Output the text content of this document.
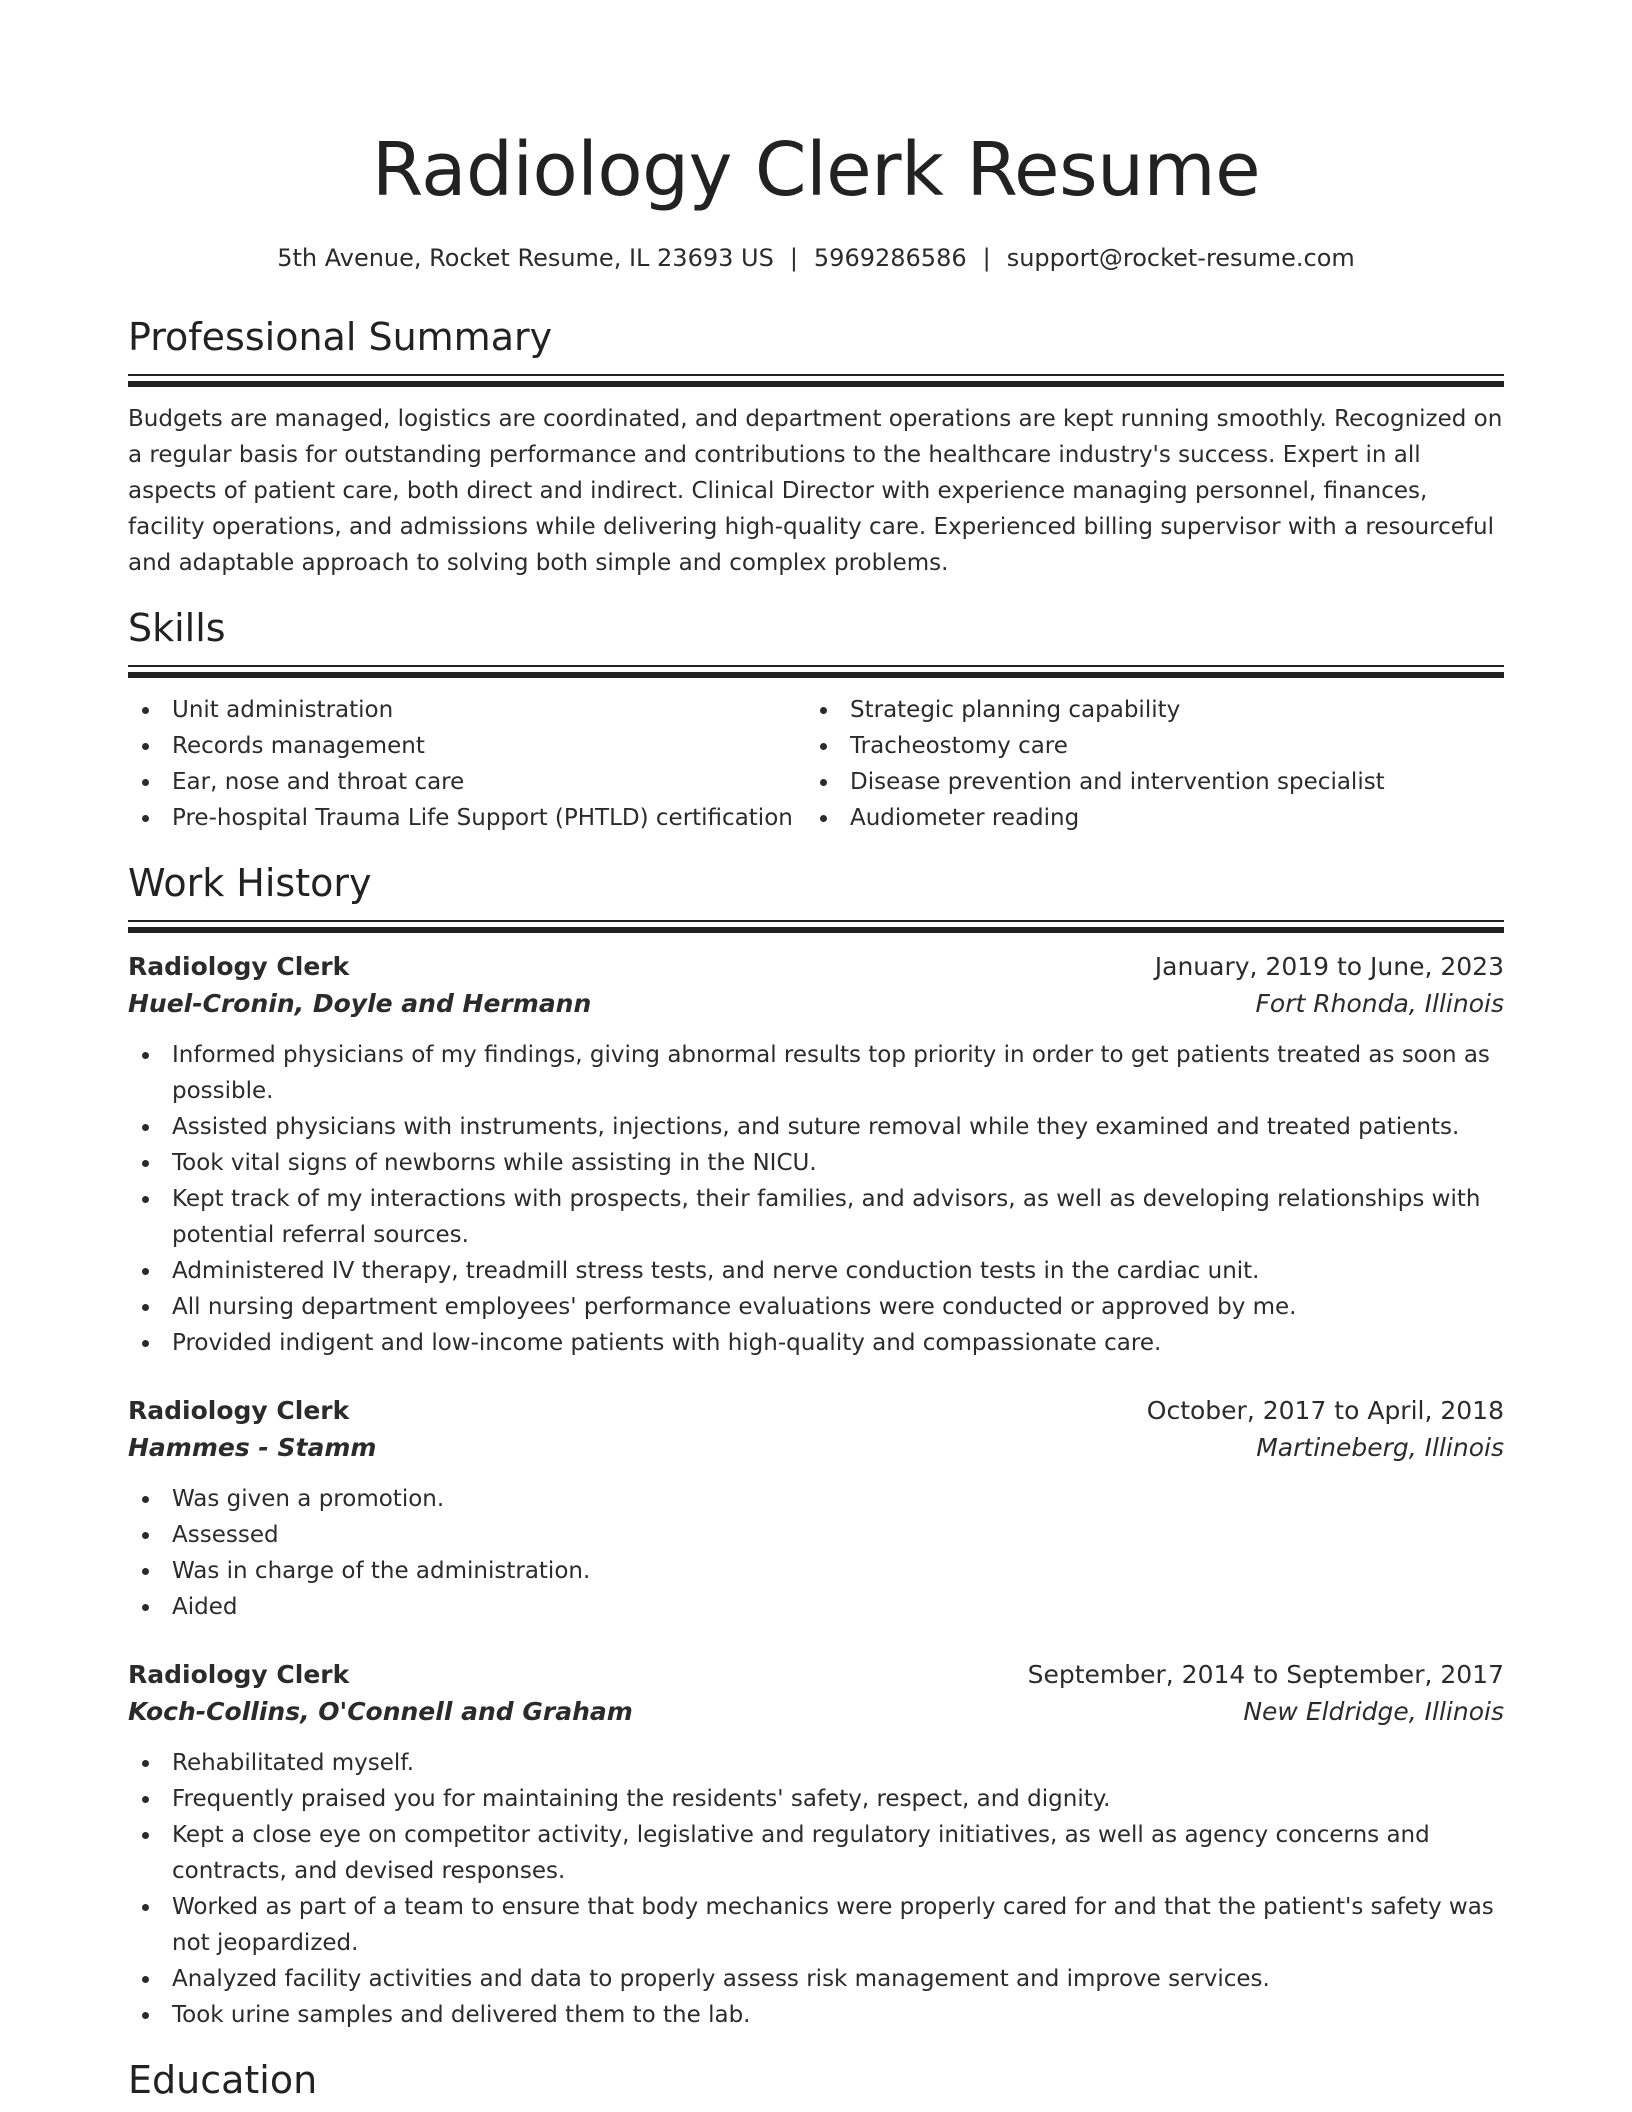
Radiology Clerk Resume
5th Avenue, Rocket Resume, IL 23693 US | 5969286586 | support@rocket-resume.com
Professional Summary
Budgets are managed, logistics are coordinated, and department operations are kept running smoothly. Recognized on a regular basis for outstanding performance and contributions to the healthcare industry's success. Expert in all aspects of patient care, both direct and indirect. Clinical Director with experience managing personnel, finances, facility operations, and admissions while delivering high-quality care. Experienced billing supervisor with a resourceful and adaptable approach to solving both simple and complex problems.
Skills
Unit administration
Records management
Ear, nose and throat care
Pre-hospital Trauma Life Support (PHTLD) certification
Strategic planning capability
Tracheostomy care
Disease prevention and intervention specialist
Audiometer reading
Work History
Radiology Clerk	January, 2019 to June, 2023
Huel-Cronin, Doyle and Hermann	Fort Rhonda, Illinois
Informed physicians of my findings, giving abnormal results top priority in order to get patients treated as soon as possible.
Assisted physicians with instruments, injections, and suture removal while they examined and treated patients.
Took vital signs of newborns while assisting in the NICU.
Kept track of my interactions with prospects, their families, and advisors, as well as developing relationships with potential referral sources.
Administered IV therapy, treadmill stress tests, and nerve conduction tests in the cardiac unit.
All nursing department employees' performance evaluations were conducted or approved by me.
Provided indigent and low-income patients with high-quality and compassionate care.
Radiology Clerk	October, 2017 to April, 2018
Hammes - Stamm	Martineberg, Illinois
Was given a promotion.
Assessed
Was in charge of the administration.
Aided
Radiology Clerk	September, 2014 to September, 2017
Koch-Collins, O'Connell and Graham	New Eldridge, Illinois
Rehabilitated myself.
Frequently praised you for maintaining the residents' safety, respect, and dignity.
Kept a close eye on competitor activity, legislative and regulatory initiatives, as well as agency concerns and contracts, and devised responses.
Worked as part of a team to ensure that body mechanics were properly cared for and that the patient's safety was not jeopardized.
Analyzed facility activities and data to properly assess risk management and improve services.
Took urine samples and delivered them to the lab.
Education
